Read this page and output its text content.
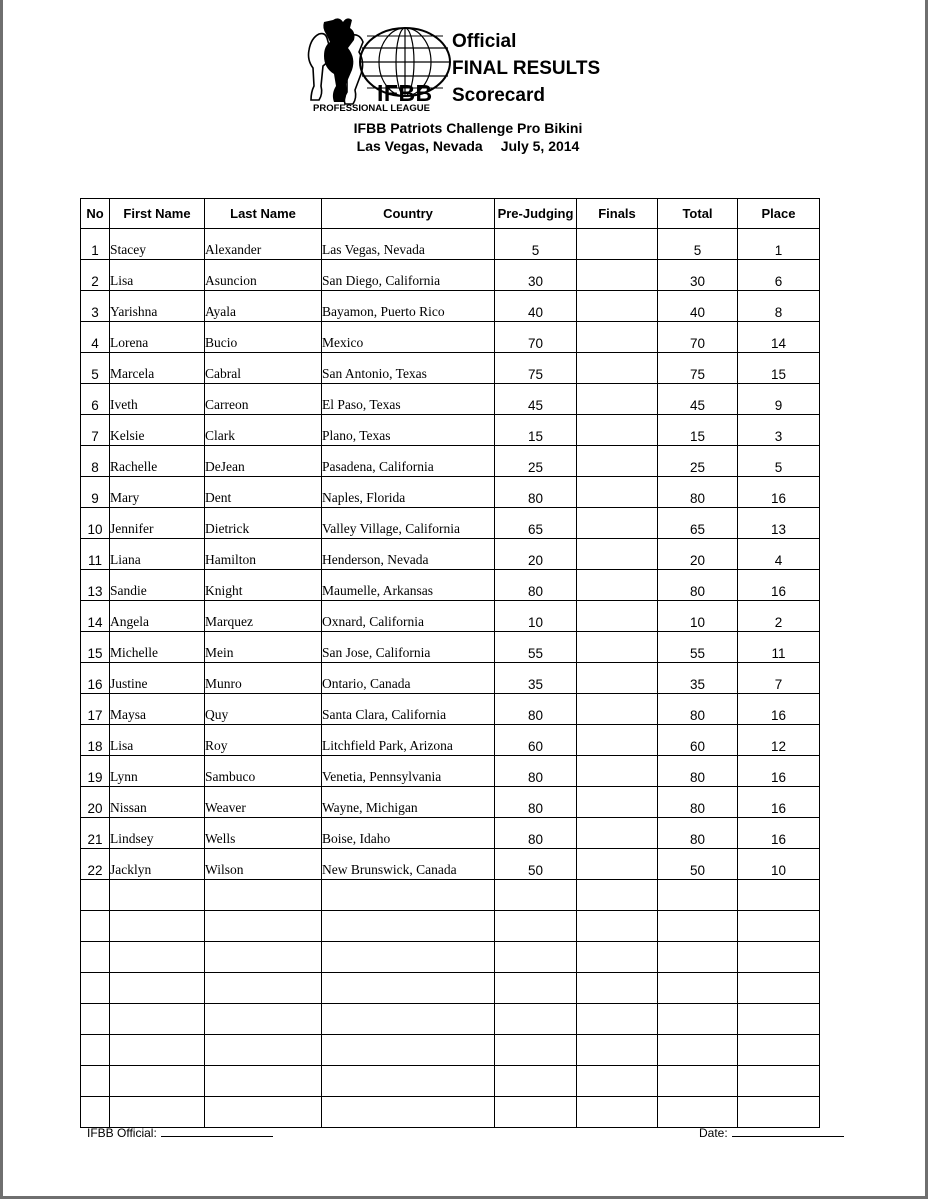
IFBB
PROFESSIONAL LEAGUE
Official
FINAL RESULTS
Scorecard
IFBB Patriots Challenge Pro Bikini
Las Vegas, Nevada July 5, 2014
No	First Name	Last Name	Country	Pre-Judging	Finals	Total	Place
1	Stacey	Alexander	Las Vegas, Nevada	5		5	1
2	Lisa	Asuncion	San Diego, California	30		30	6
3	Yarishna	Ayala	Bayamon, Puerto Rico	40		40	8
4	Lorena	Bucio	Mexico	70		70	14
5	Marcela	Cabral	San Antonio, Texas	75		75	15
6	Iveth	Carreon	El Paso, Texas	45		45	9
7	Kelsie	Clark	Plano, Texas	15		15	3
8	Rachelle	DeJean	Pasadena, California	25		25	5
9	Mary	Dent	Naples, Florida	80		80	16
10	Jennifer	Dietrick	Valley Village, California	65		65	13
11	Liana	Hamilton	Henderson, Nevada	20		20	4
13	Sandie	Knight	Maumelle, Arkansas	80		80	16
14	Angela	Marquez	Oxnard, California	10		10	2
15	Michelle	Mein	San Jose, California	55		55	11
16	Justine	Munro	Ontario, Canada	35		35	7
17	Maysa	Quy	Santa Clara, California	80		80	16
18	Lisa	Roy	Litchfield Park, Arizona	60		60	12
19	Lynn	Sambuco	Venetia, Pennsylvania	80		80	16
20	Nissan	Weaver	Wayne, Michigan	80		80	16
21	Lindsey	Wells	Boise, Idaho	80		80	16
22	Jacklyn	Wilson	New Brunswick, Canada	50		50	10

IFBB Official:	Date:
